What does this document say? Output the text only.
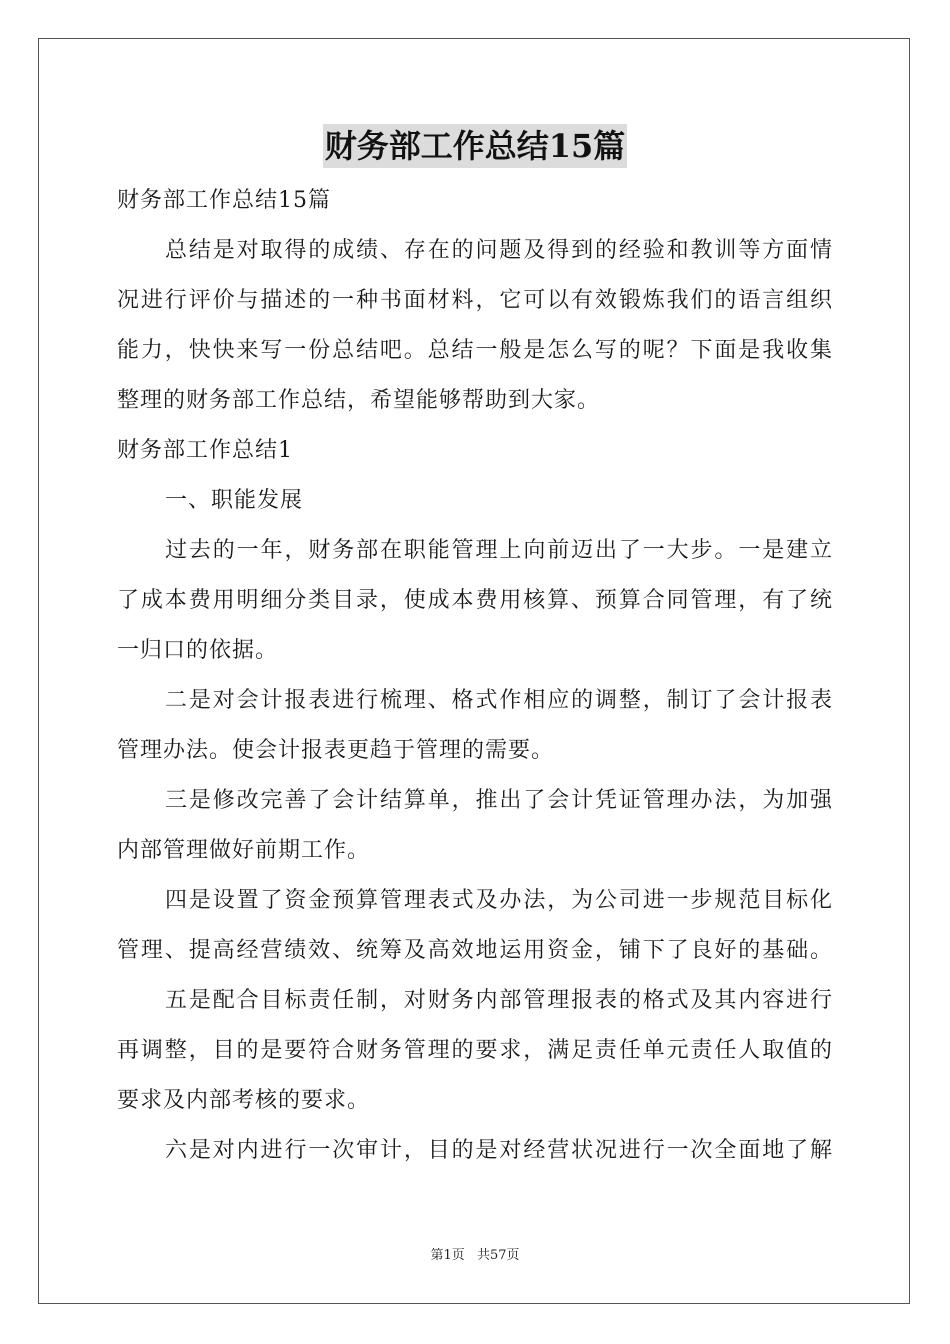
财务部工作总结15篇
财务部工作总结15篇
总结是对取得的成绩、存在的问题及得到的经验和教训等方面情
况进行评价与描述的一种书面材料，它可以有效锻炼我们的语言组织
能力，快快来写一份总结吧。总结一般是怎么写的呢？下面是我收集
整理的财务部工作总结，希望能够帮助到大家。
财务部工作总结1
一、职能发展
过去的一年，财务部在职能管理上向前迈出了一大步。一是建立
了成本费用明细分类目录，使成本费用核算、预算合同管理，有了统
一归口的依据。
二是对会计报表进行梳理、格式作相应的调整，制订了会计报表
管理办法。使会计报表更趋于管理的需要。
三是修改完善了会计结算单，推出了会计凭证管理办法，为加强
内部管理做好前期工作。
四是设置了资金预算管理表式及办法，为公司进一步规范目标化
管理、提高经营绩效、统筹及高效地运用资金，铺下了良好的基础。
五是配合目标责任制，对财务内部管理报表的格式及其内容进行
再调整，目的是要符合财务管理的要求，满足责任单元责任人取值的
要求及内部考核的要求。
六是对内进行一次审计，目的是对经营状况进行一次全面地了解
第1页 共57页
